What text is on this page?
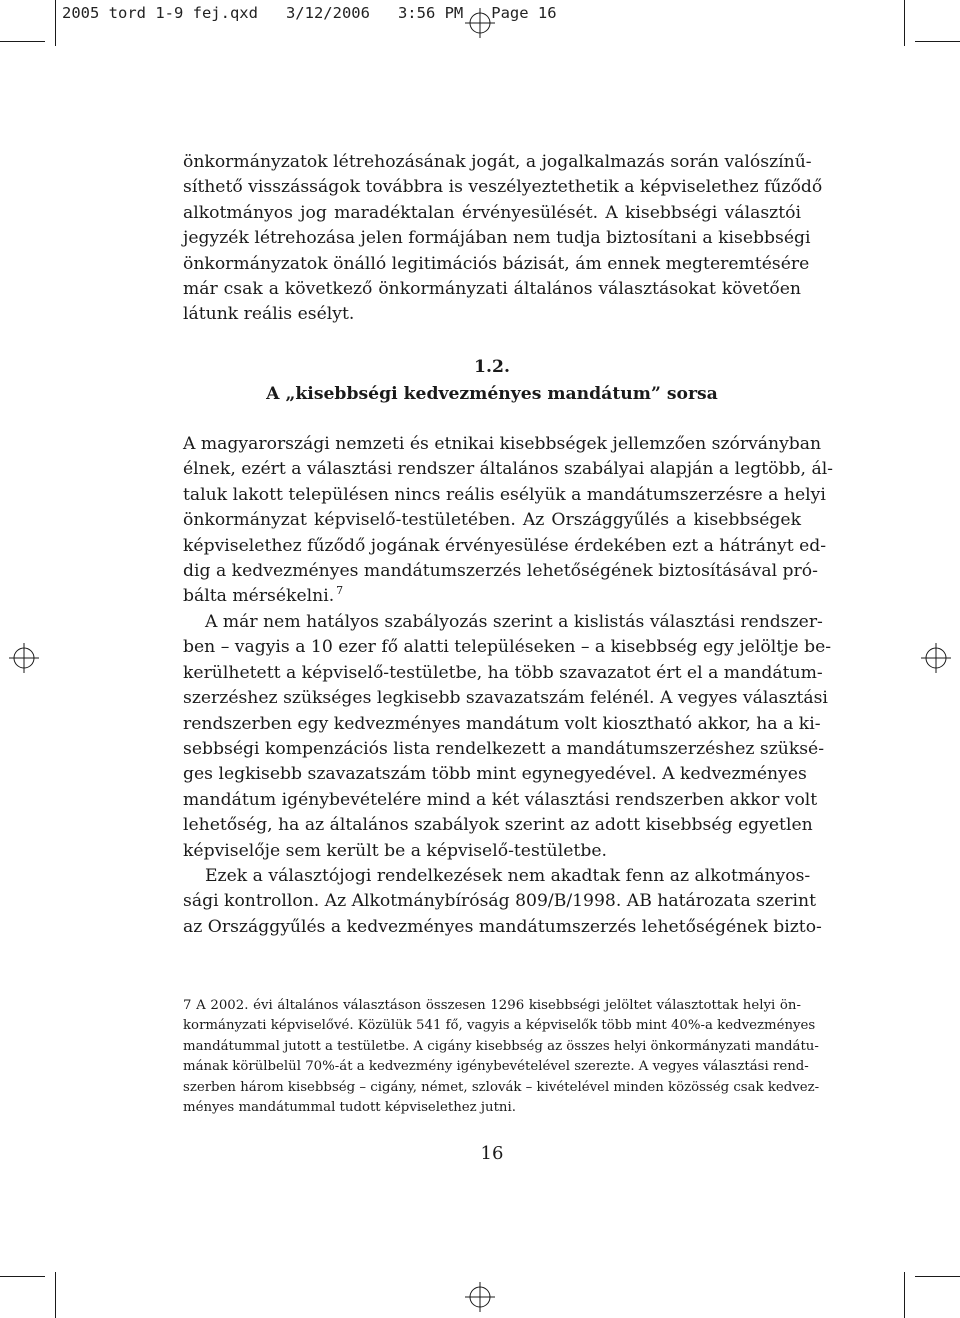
2005 tord 1-9 fej.qxd   3/12/2006   3:56 PM   Page 16
önkormányzatok létrehozásának jogát, a jogalkalmazás során valószínű-
síthető visszásságok továbbra is veszélyeztethetik a képviselethez fűződő
alkotmányos jog maradéktalan érvényesülését. A kisebbségi választói
jegyzék létrehozása jelen formájában nem tudja biztosítani a kisebbségi
önkormányzatok önálló legitimációs bázisát, ám ennek megteremtésére
már csak a következő önkormányzati általános választásokat követően
látunk reális esélyt.
1.2.
A „kisebbségi kedvezményes mandátum” sorsa
A magyarországi nemzeti és etnikai kisebbségek jellemzően szórványban
élnek, ezért a választási rendszer általános szabályai alapján a legtöbb, ál-
taluk lakott településen nincs reális esélyük a mandátumszerzésre a helyi
önkormányzat képviselő-testületében. Az Országgyűlés a kisebbségek
képviselethez fűződő jogának érvényesülése érdekében ezt a hátrányt ed-
dig a kedvezményes mandátumszerzés lehetőségének biztosításával pró-
bálta mérsékelni. $^7$
A már nem hatályos szabályozás szerint a kislistás választási rendszer-
ben – vagyis a 10 ezer fő alatti településeken – a kisebbség egy jelöltje be-
kerülhetett a képviselő-testületbe, ha több szavazatot ért el a mandátum-
szerzéshez szükséges legkisebb szavazatszám felénél. A vegyes választási
rendszerben egy kedvezményes mandátum volt kiosztható akkor, ha a ki-
sebbségi kompenzációs lista rendelkezett a mandátumszerzéshez szüksé-
ges legkisebb szavazatszám több mint egynegyedével. A kedvezményes
mandátum igénybevételére mind a két választási rendszerben akkor volt
lehetőség, ha az általános szabályok szerint az adott kisebbség egyetlen
képviselője sem került be a képviselő-testületbe.
Ezek a választójogi rendelkezések nem akadtak fenn az alkotmányos-
sági kontrollon. Az Alkotmánybíróság 809/B/1998. AB határozata szerint
az Országgyűlés a kedvezményes mandátumszerzés lehetőségének bizto-
7 A 2002. évi általános választáson összesen 1296 kisebbségi jelöltet választottak helyi ön-
kormányzati képviselővé. Közülük 541 fő, vagyis a képviselők több mint 40%-a kedvezményes
mandátummal jutott a testületbe. A cigány kisebbség az összes helyi önkormányzati mandátu-
mának körülbelül 70%-át a kedvezmény igénybevételével szerezte. A vegyes választási rend-
szerben három kisebbség – cigány, német, szlovák – kivételével minden közösség csak kedvez-
ményes mandátummal tudott képviselethez jutni.
16
